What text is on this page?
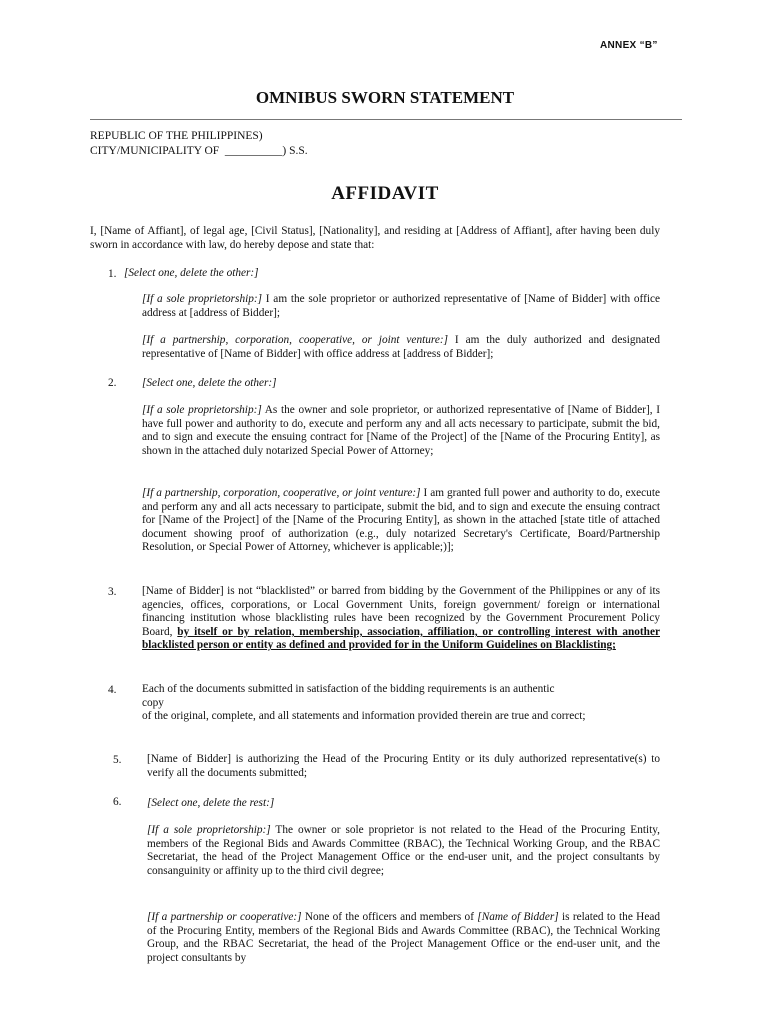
ANNEX “B”
OMNIBUS SWORN STATEMENT
REPUBLIC OF THE PHILIPPINES)
CITY/MUNICIPALITY OF  __________) S.S.
AFFIDAVIT
I, [Name of Affiant], of legal age, [Civil Status], [Nationality], and residing at [Address of Affiant], after having been duly sworn in accordance with law, do hereby depose and state that:
1. [Select one, delete the other:]
[If a sole proprietorship:] I am the sole proprietor or authorized representative of [Name of Bidder] with office address at [address of Bidder];
[If a partnership, corporation, cooperative, or joint venture:] I am the duly authorized and designated representative of [Name of Bidder] with office address at [address of Bidder];
2. [Select one, delete the other:]
[If a sole proprietorship:] As the owner and sole proprietor, or authorized representative of [Name of Bidder], I have full power and authority to do, execute and perform any and all acts necessary to participate, submit the bid, and to sign and execute the ensuing contract for [Name of the Project] of the [Name of the Procuring Entity], as shown in the attached duly notarized Special Power of Attorney;
[If a partnership, corporation, cooperative, or joint venture:] I am granted full power and authority to do, execute and perform any and all acts necessary to participate, submit the bid, and to sign and execute the ensuing contract for [Name of the Project] of the [Name of the Procuring Entity], as shown in the attached [state title of attached document showing proof of authorization (e.g., duly notarized Secretary's Certificate, Board/Partnership Resolution, or Special Power of Attorney, whichever is applicable;)];
3. [Name of Bidder] is not “blacklisted” or barred from bidding by the Government of the Philippines or any of its agencies, offices, corporations, or Local Government Units, foreign government/ foreign or international financing institution whose blacklisting rules have been recognized by the Government Procurement Policy Board, by itself or by relation, membership, association, affiliation, or controlling interest with another blacklisted person or entity as defined and provided for in the Uniform Guidelines on Blacklisting;
4. Each of the documents submitted in satisfaction of the bidding requirements is an authentic
copy
of the original, complete, and all statements and information provided therein are true and correct;
5. [Name of Bidder] is authorizing the Head of the Procuring Entity or its duly authorized representative(s) to verify all the documents submitted;
6. [Select one, delete the rest:]
[If a sole proprietorship:] The owner or sole proprietor is not related to the Head of the Procuring Entity, members of the Regional Bids and Awards Committee (RBAC), the Technical Working Group, and the RBAC Secretariat, the head of the Project Management Office or the end-user unit, and the project consultants by consanguinity or affinity up to the third civil degree;
[If a partnership or cooperative:] None of the officers and members of [Name of Bidder] is related to the Head of the Procuring Entity, members of the Regional Bids and Awards Committee (RBAC), the Technical Working Group, and the RBAC Secretariat, the head of the Project Management Office or the end-user unit, and the project consultants by
